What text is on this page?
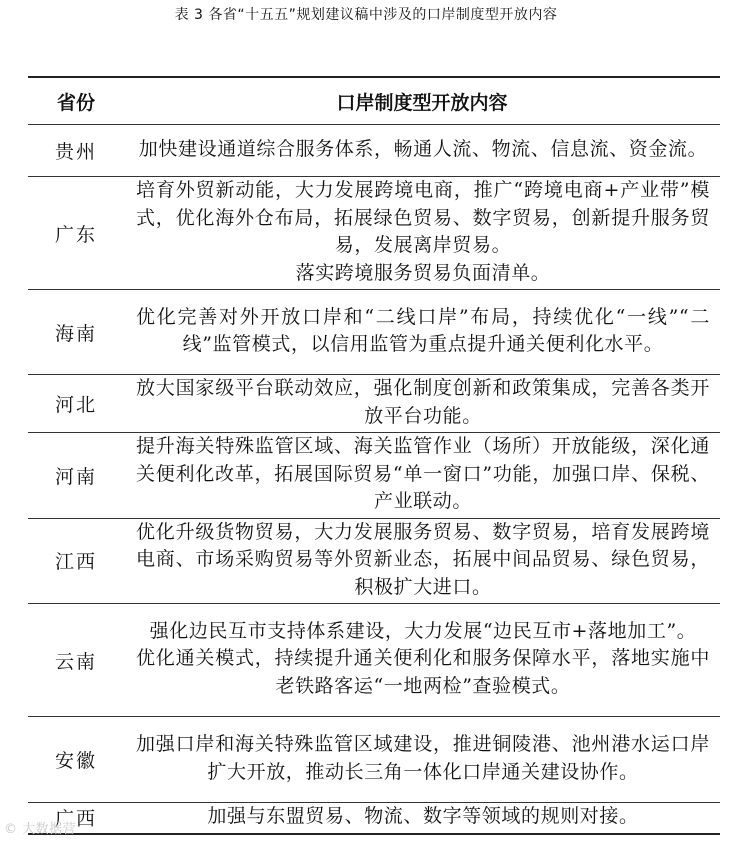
表 3 各省“十五五”规划建议稿中涉及的口岸制度型开放内容
省份	口岸制度型开放内容
贵州	加快建设通道综合服务体系，畅通人流、物流、信息流、资金流。

广东	培育外贸新动能，大力发展跨境电商，推广“跨境电商+产业带”模式，优化海外仓布局，拓展绿色贸易、数字贸易，创新提升服务贸易，发展离岸贸易。
落实跨境服务贸易负面清单。

海南	优化完善对外开放口岸和“二线口岸”布局，持续优化“一线”“二线”监管模式，以信用监管为重点提升通关便利化水平。

河北	放大国家级平台联动效应，强化制度创新和政策集成，完善各类开放平台功能。

河南	提升海关特殊监管区域、海关监管作业（场所）开放能级，深化通关便利化改革，拓展国际贸易“单一窗口”功能，加强口岸、保税、产业联动。

江西	优化升级货物贸易，大力发展服务贸易、数字贸易，培育发展跨境电商、市场采购贸易等外贸新业态，拓展中间品贸易、绿色贸易，积极扩大进口。

云南	强化边民互市支持体系建设，大力发展“边民互市+落地加工”。
优化通关模式，持续提升通关便利化和服务保障水平，落地实施中老铁路客运“一地两检”查验模式。

安徽	加强口岸和海关特殊监管区域建设，推进铜陵港、池州港水运口岸扩大开放，推动长三角一体化口岸通关建设协作。

广西	加强与东盟贸易、物流、数字等领域的规则对接。
© 大数据营
